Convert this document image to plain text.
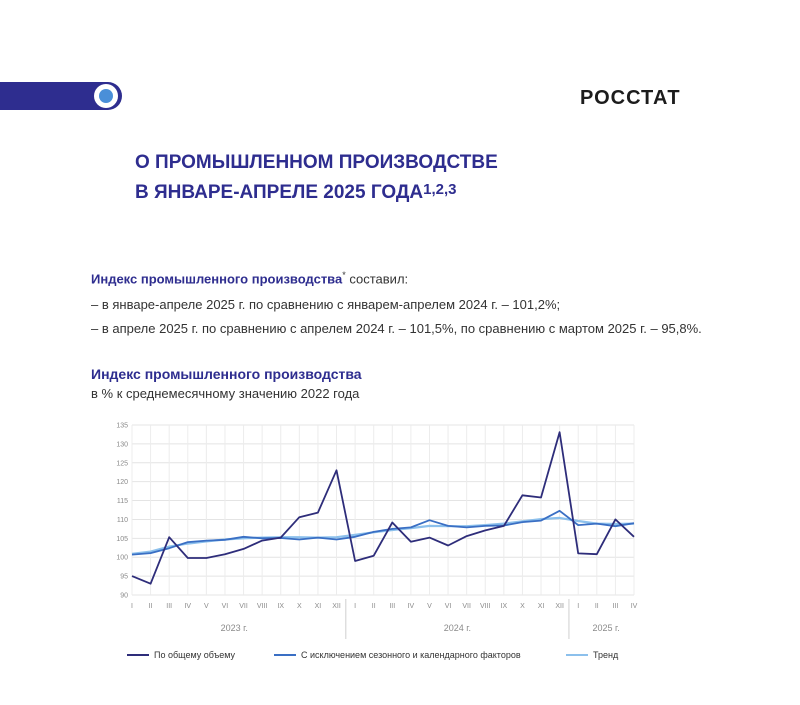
РОССТАТ
О ПРОМЫШЛЕННОМ ПРОИЗВОДСТВЕ
В ЯНВАРЕ-АПРЕЛЕ 2025 ГОДА$^{1,2,3}$
Индекс промышленного производства* составил:
– в январе-апреле 2025 г. по сравнению с январем-апрелем 2024 г. – 101,2%;
– в апреле 2025 г. по сравнению с апрелем 2024 г. – 101,5%, по сравнению с мартом 2025 г. – 95,8%.
Индекс промышленного производства
в % к среднемесячному значению 2022 года
90
95
100
105
110
115
120
125
130
135
I II III IV V VI VII VIII IX X XI XII I II III IV V VI VII VIII IX X XI XII I II III IV
2023 г.	2024 г.	2025 г.
По общему объему	С исключением сезонного и календарного факторов	Тренд
